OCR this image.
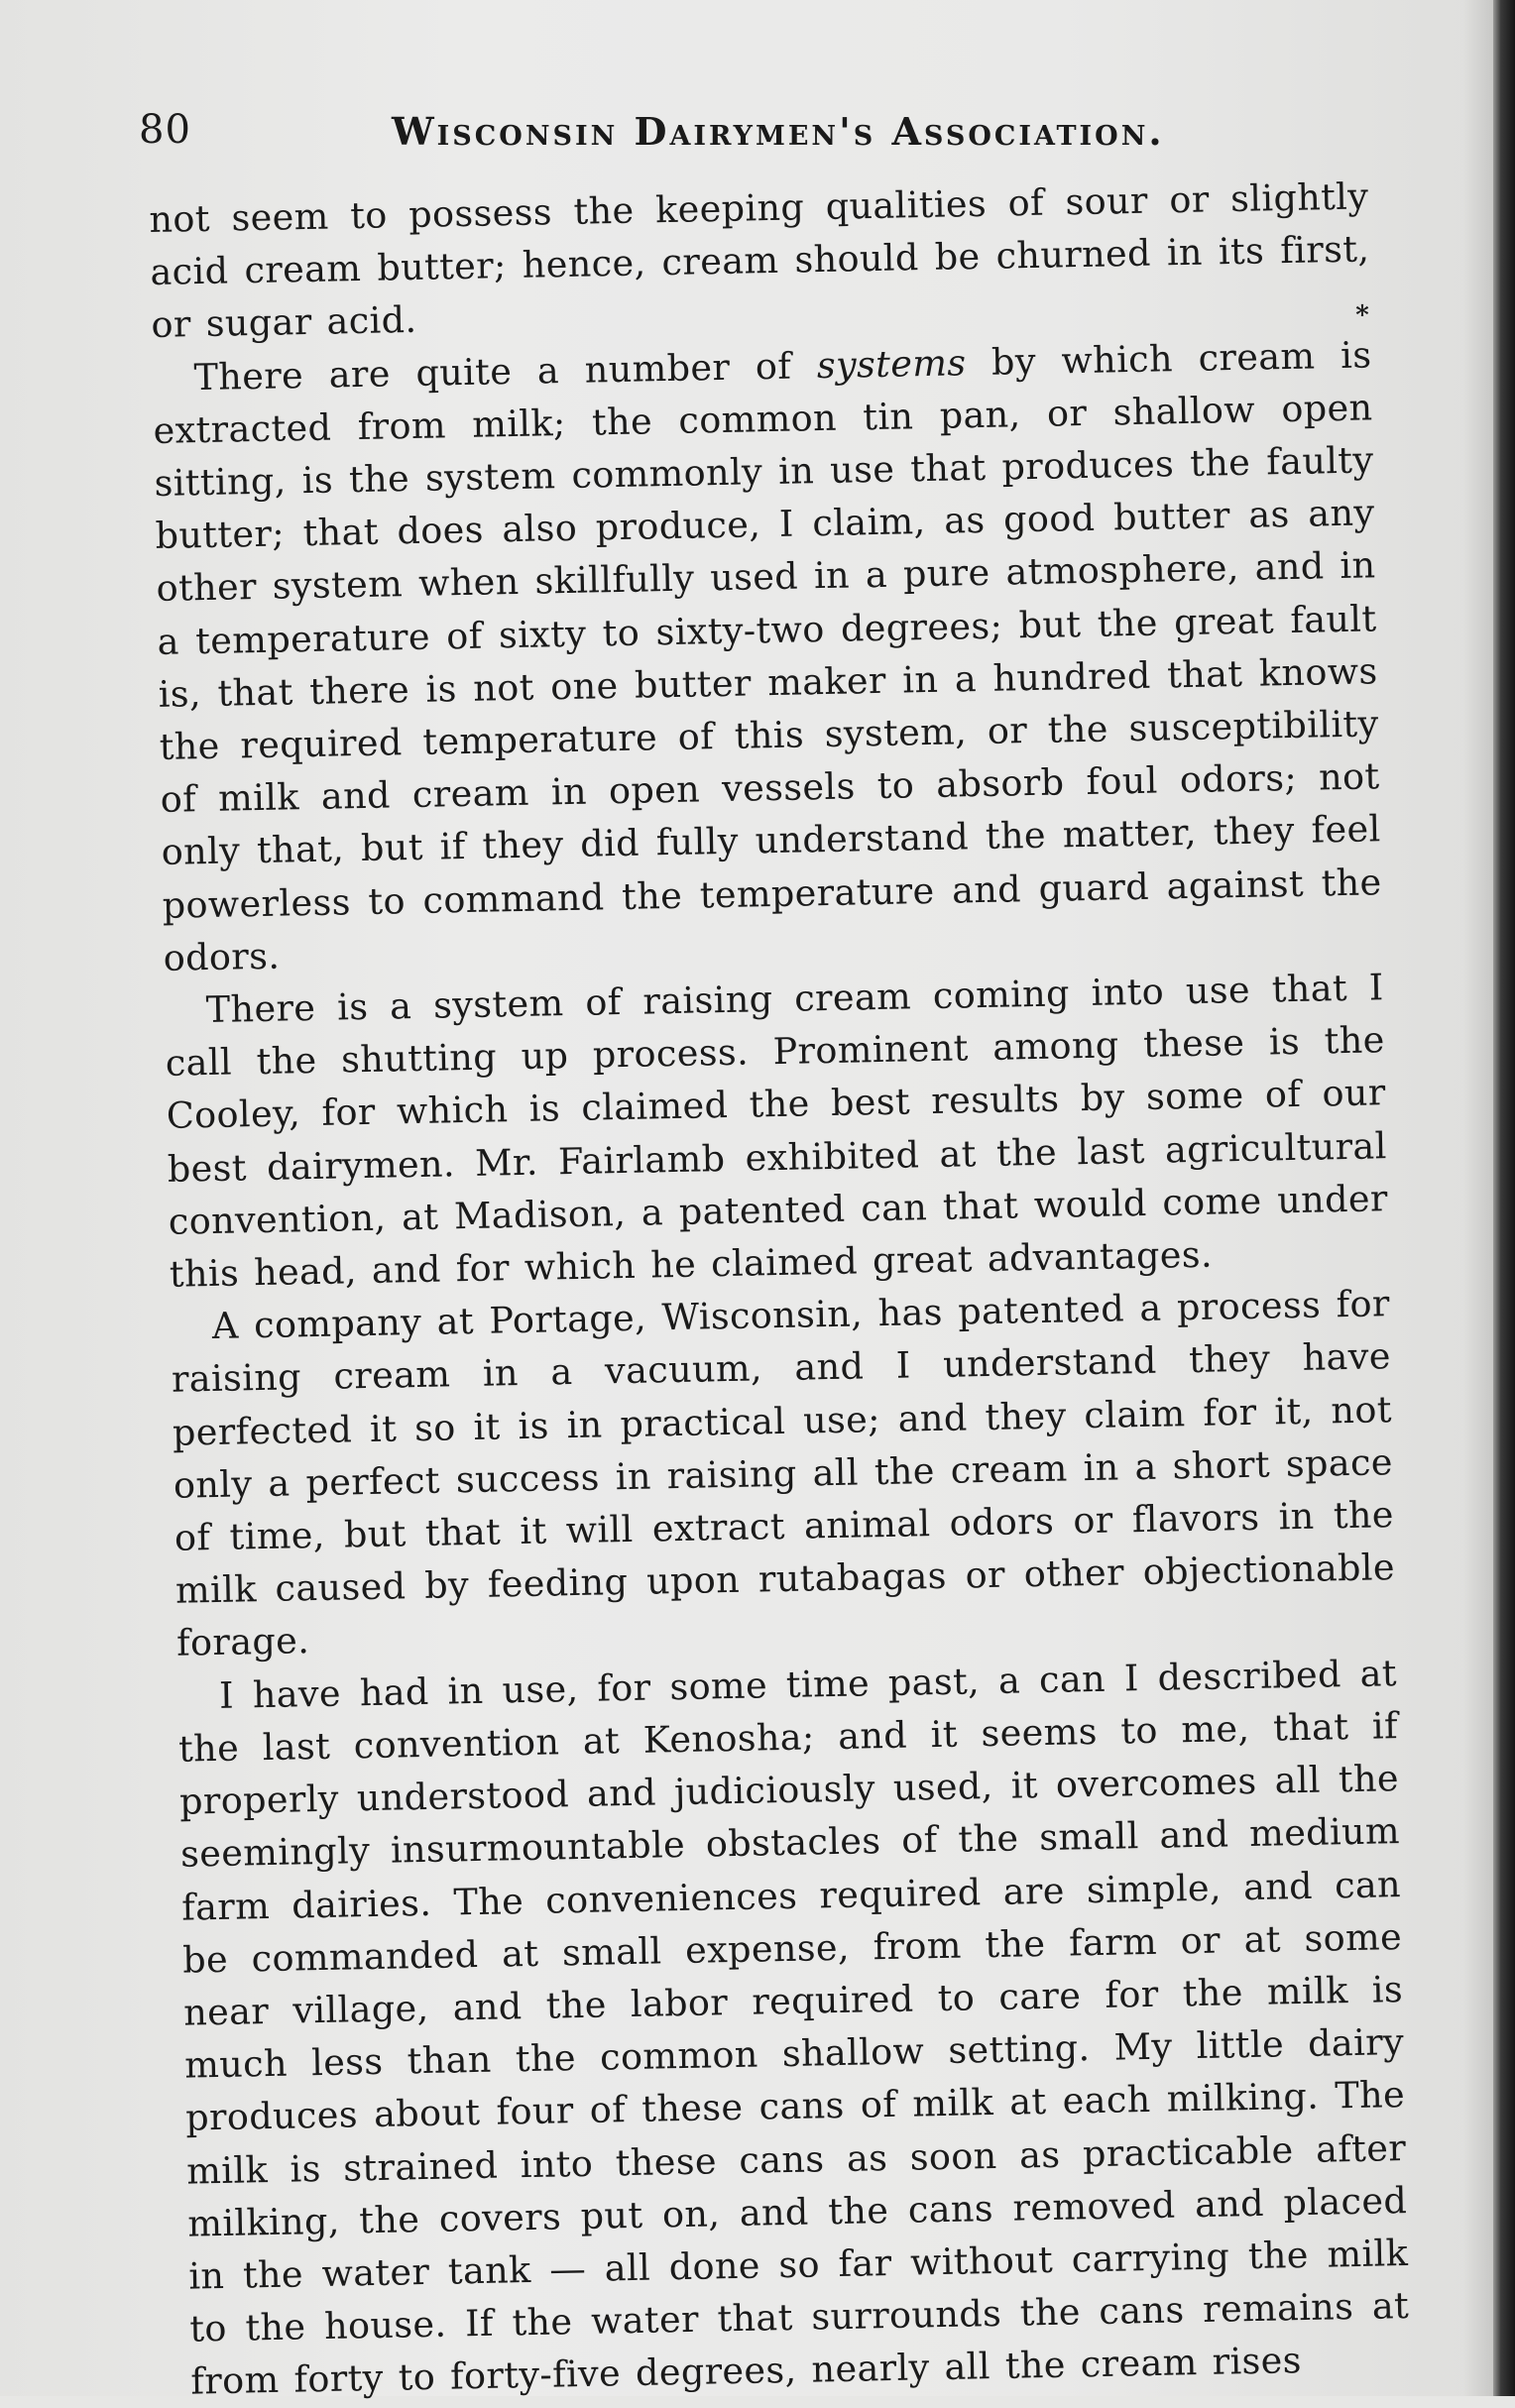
80	Wisconsin Dairymen's Association.
∗

not seem to possess the keeping qualities of sour or slightly acid cream butter; hence, cream should be churned in its first, or sugar acid.

There are quite a number of systems by which cream is extracted from milk; the common tin pan, or shallow open sitting, is the system commonly in use that produces the faulty butter; that does also produce, I claim, as good butter as any other system when skillfully used in a pure atmosphere, and in a temperature of sixty to sixty-two degrees; but the great fault is, that there is not one butter maker in a hundred that knows the required temperature of this system, or the susceptibility of milk and cream in open vessels to absorb foul odors; not only that, but if they did fully understand the matter, they feel powerless to command the temperature and guard against the odors.

There is a system of raising cream coming into use that I call the shutting up process. Prominent among these is the Cooley, for which is claimed the best results by some of our best dairymen. Mr. Fairlamb exhibited at the last agricultural convention, at Madison, a patented can that would come under this head, and for which he claimed great advantages.

A company at Portage, Wisconsin, has patented a process for raising cream in a vacuum, and I understand they have perfected it so it is in practical use; and they claim for it, not only a perfect success in raising all the cream in a short space of time, but that it will extract animal odors or flavors in the milk caused by feeding upon rutabagas or other objectionable forage.

I have had in use, for some time past, a can I described at the last convention at Kenosha; and it seems to me, that if properly understood and judiciously used, it overcomes all the seemingly insurmountable obstacles of the small and medium farm dairies. The conveniences required are simple, and can be commanded at small expense, from the farm or at some near village, and the labor required to care for the milk is much less than the common shallow setting. My little dairy produces about four of these cans of milk at each milking. The milk is strained into these cans as soon as practicable after milking, the covers put on, and the cans removed and placed in the water tank — all done so far without carrying the milk to the house. If the water that surrounds the cans remains at from forty to forty-five degrees, nearly all the cream rises
